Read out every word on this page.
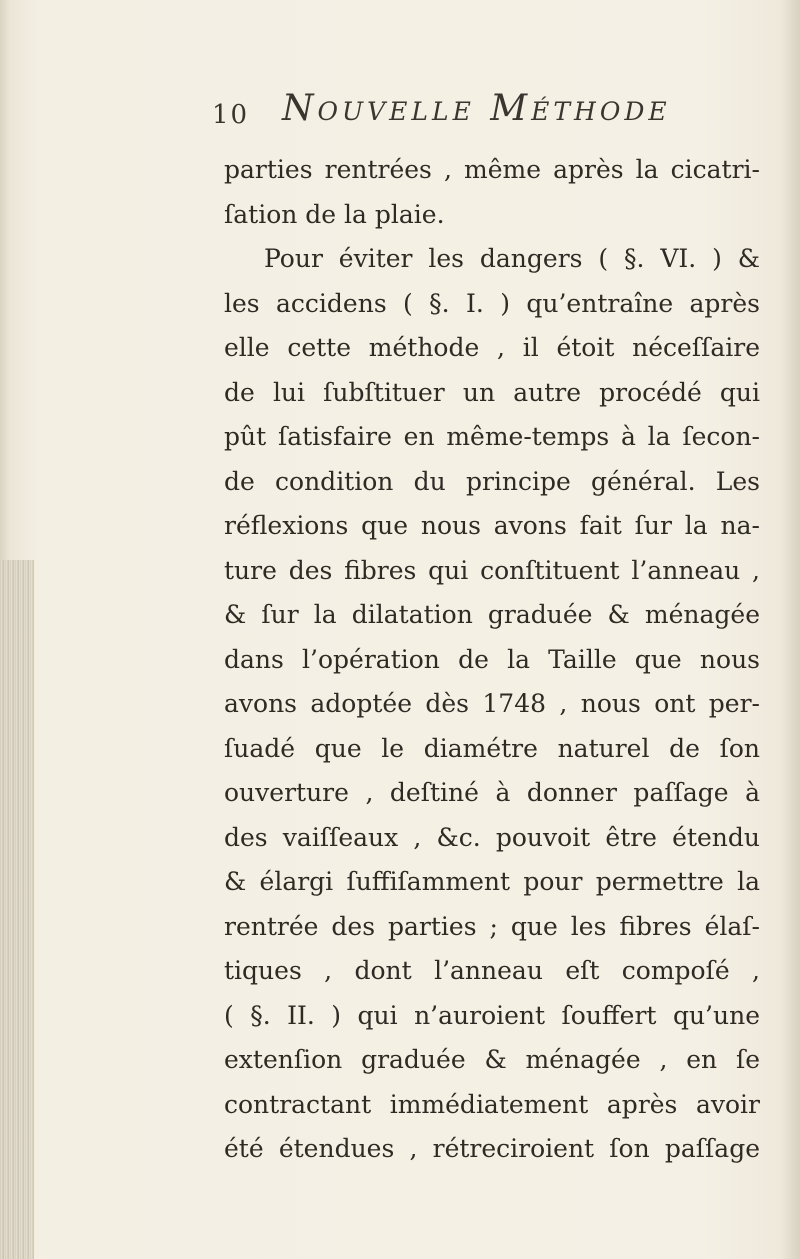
10 Nouvelle Méthode
parties rentrées , même après la cicatri-
ſation de la plaie.
Pour éviter les dangers ( §. VI. ) &
les accidens ( §. I. ) qu’entraîne après
elle cette méthode , il étoit néceſſaire
de lui ſubſtituer un autre procédé qui
pût ſatisfaire en même-temps à la ſecon-
de condition du principe général. Les
réflexions que nous avons fait ſur la na-
ture des fibres qui conſtituent l’anneau ,
& ſur la dilatation graduée & ménagée
dans l’opération de la Taille que nous
avons adoptée dès 1748 , nous ont per-
ſuadé que le diamétre naturel de ſon
ouverture , deſtiné à donner paſſage à
des vaiſſeaux , &c. pouvoit être étendu
& élargi ſuffiſamment pour permettre la
rentrée des parties ; que les fibres élaſ-
tiques , dont l’anneau eſt compoſé ,
( §. II. ) qui n’auroient ſouffert qu’une
extenſion graduée & ménagée , en ſe
contractant immédiatement après avoir
été étendues , rétreciroient ſon paſſage
